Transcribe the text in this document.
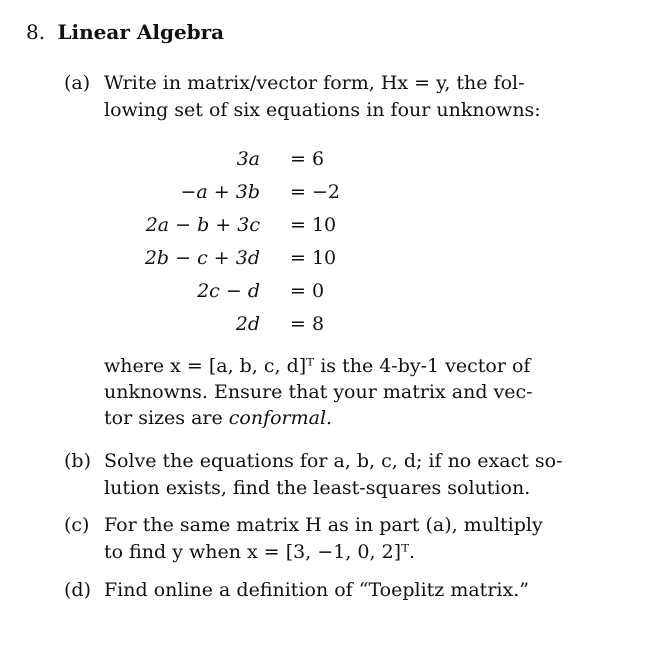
8. Linear Algebra
(a) Write in matrix/vector form, Hx = y, the fol-
lowing set of six equations in four unknowns:
3a = 6
−a + 3b = −2
2a − b + 3c = 10
2b − c + 3d = 10
2c − d = 0
2d = 8
where x = [a, b, c, d]ᵀ is the 4-by-1 vector of
unknowns. Ensure that your matrix and vec-
tor sizes are conformal.
(b) Solve the equations for a, b, c, d; if no exact so-
lution exists, find the least-squares solution.
(c) For the same matrix H as in part (a), multiply
to find y when x = [3, −1, 0, 2]ᵀ.
(d) Find online a definition of “Toeplitz matrix.”
